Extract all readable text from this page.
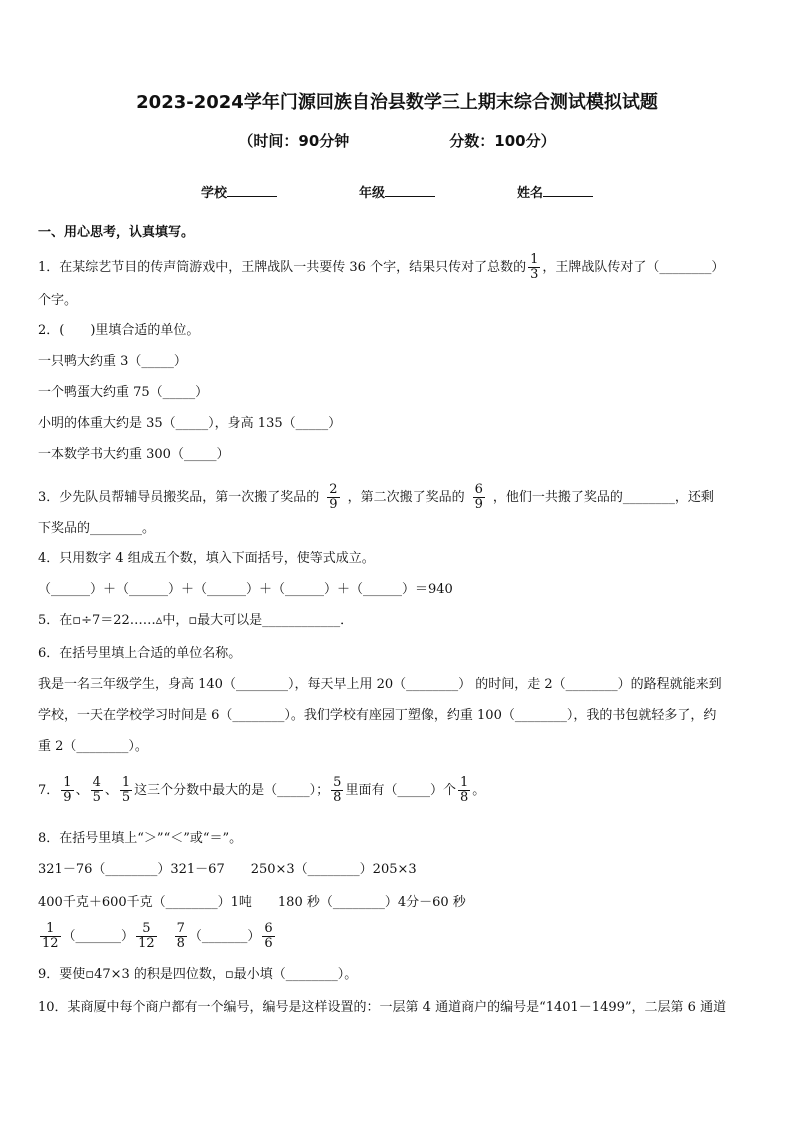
2023-2024学年门源回族自治县数学三上期末综合测试模拟试题
（时间：90分钟	分数：100分）
学校	年级	姓名
一、用心思考，认真填写。
1．在某综艺节目的传声筒游戏中，王牌战队一共要传 36 个字，结果只传对了总数的 $\frac{1}{3}$ ，王牌战队传对了（________）
个字。
2．(　　)里填合适的单位。
一只鸭大约重 3（_____）
一个鸭蛋大约重 75（_____）
小明的体重大约是 35（_____），身高 135（_____）
一本数学书大约重 300（_____）
3．少先队员帮辅导员搬奖品，第一次搬了奖品的 $\frac{2}{9}$ ，第二次搬了奖品的 $\frac{6}{9}$ ，他们一共搬了奖品的________，还剩
下奖品的________。
4．只用数字 4 组成五个数，填入下面括号，使等式成立。
（______）＋（______）＋（______）＋（______）＋（______）＝940
5．在▫÷7＝22……▵中，▫最大可以是____________．
6．在括号里填上合适的单位名称。
我是一名三年级学生，身高 140（________），每天早上用 20（________） 的时间，走 2（________）的路程就能来到
学校，一天在学校学习时间是 6（________）。我们学校有座园丁塑像，约重 100（________），我的书包就轻多了，约
重 2（________）。
7． $\frac{1}{9}$ 、 $\frac{4}{5}$ 、 $\frac{1}{5}$ 这三个分数中最大的是（_____）； $\frac{5}{8}$ 里面有（_____）个 $\frac{1}{8}$ 。
8．在括号里填上“＞”“＜”或“＝”。
321－76（________）321－67　　250×3（________）205×3
400千克＋600千克（________）1吨　　180 秒（________）4分－60 秒
$\frac{1}{12}$ （_______） $\frac{5}{12} \frac{7}{8}$ （_______） $\frac{6}{6}$
9．要使▫47×3 的积是四位数，▫最小填（________）。
10．某商厦中每个商户都有一个编号，编号是这样设置的：一层第 4 通道商户的编号是“1401－1499”，二层第 6 通道
